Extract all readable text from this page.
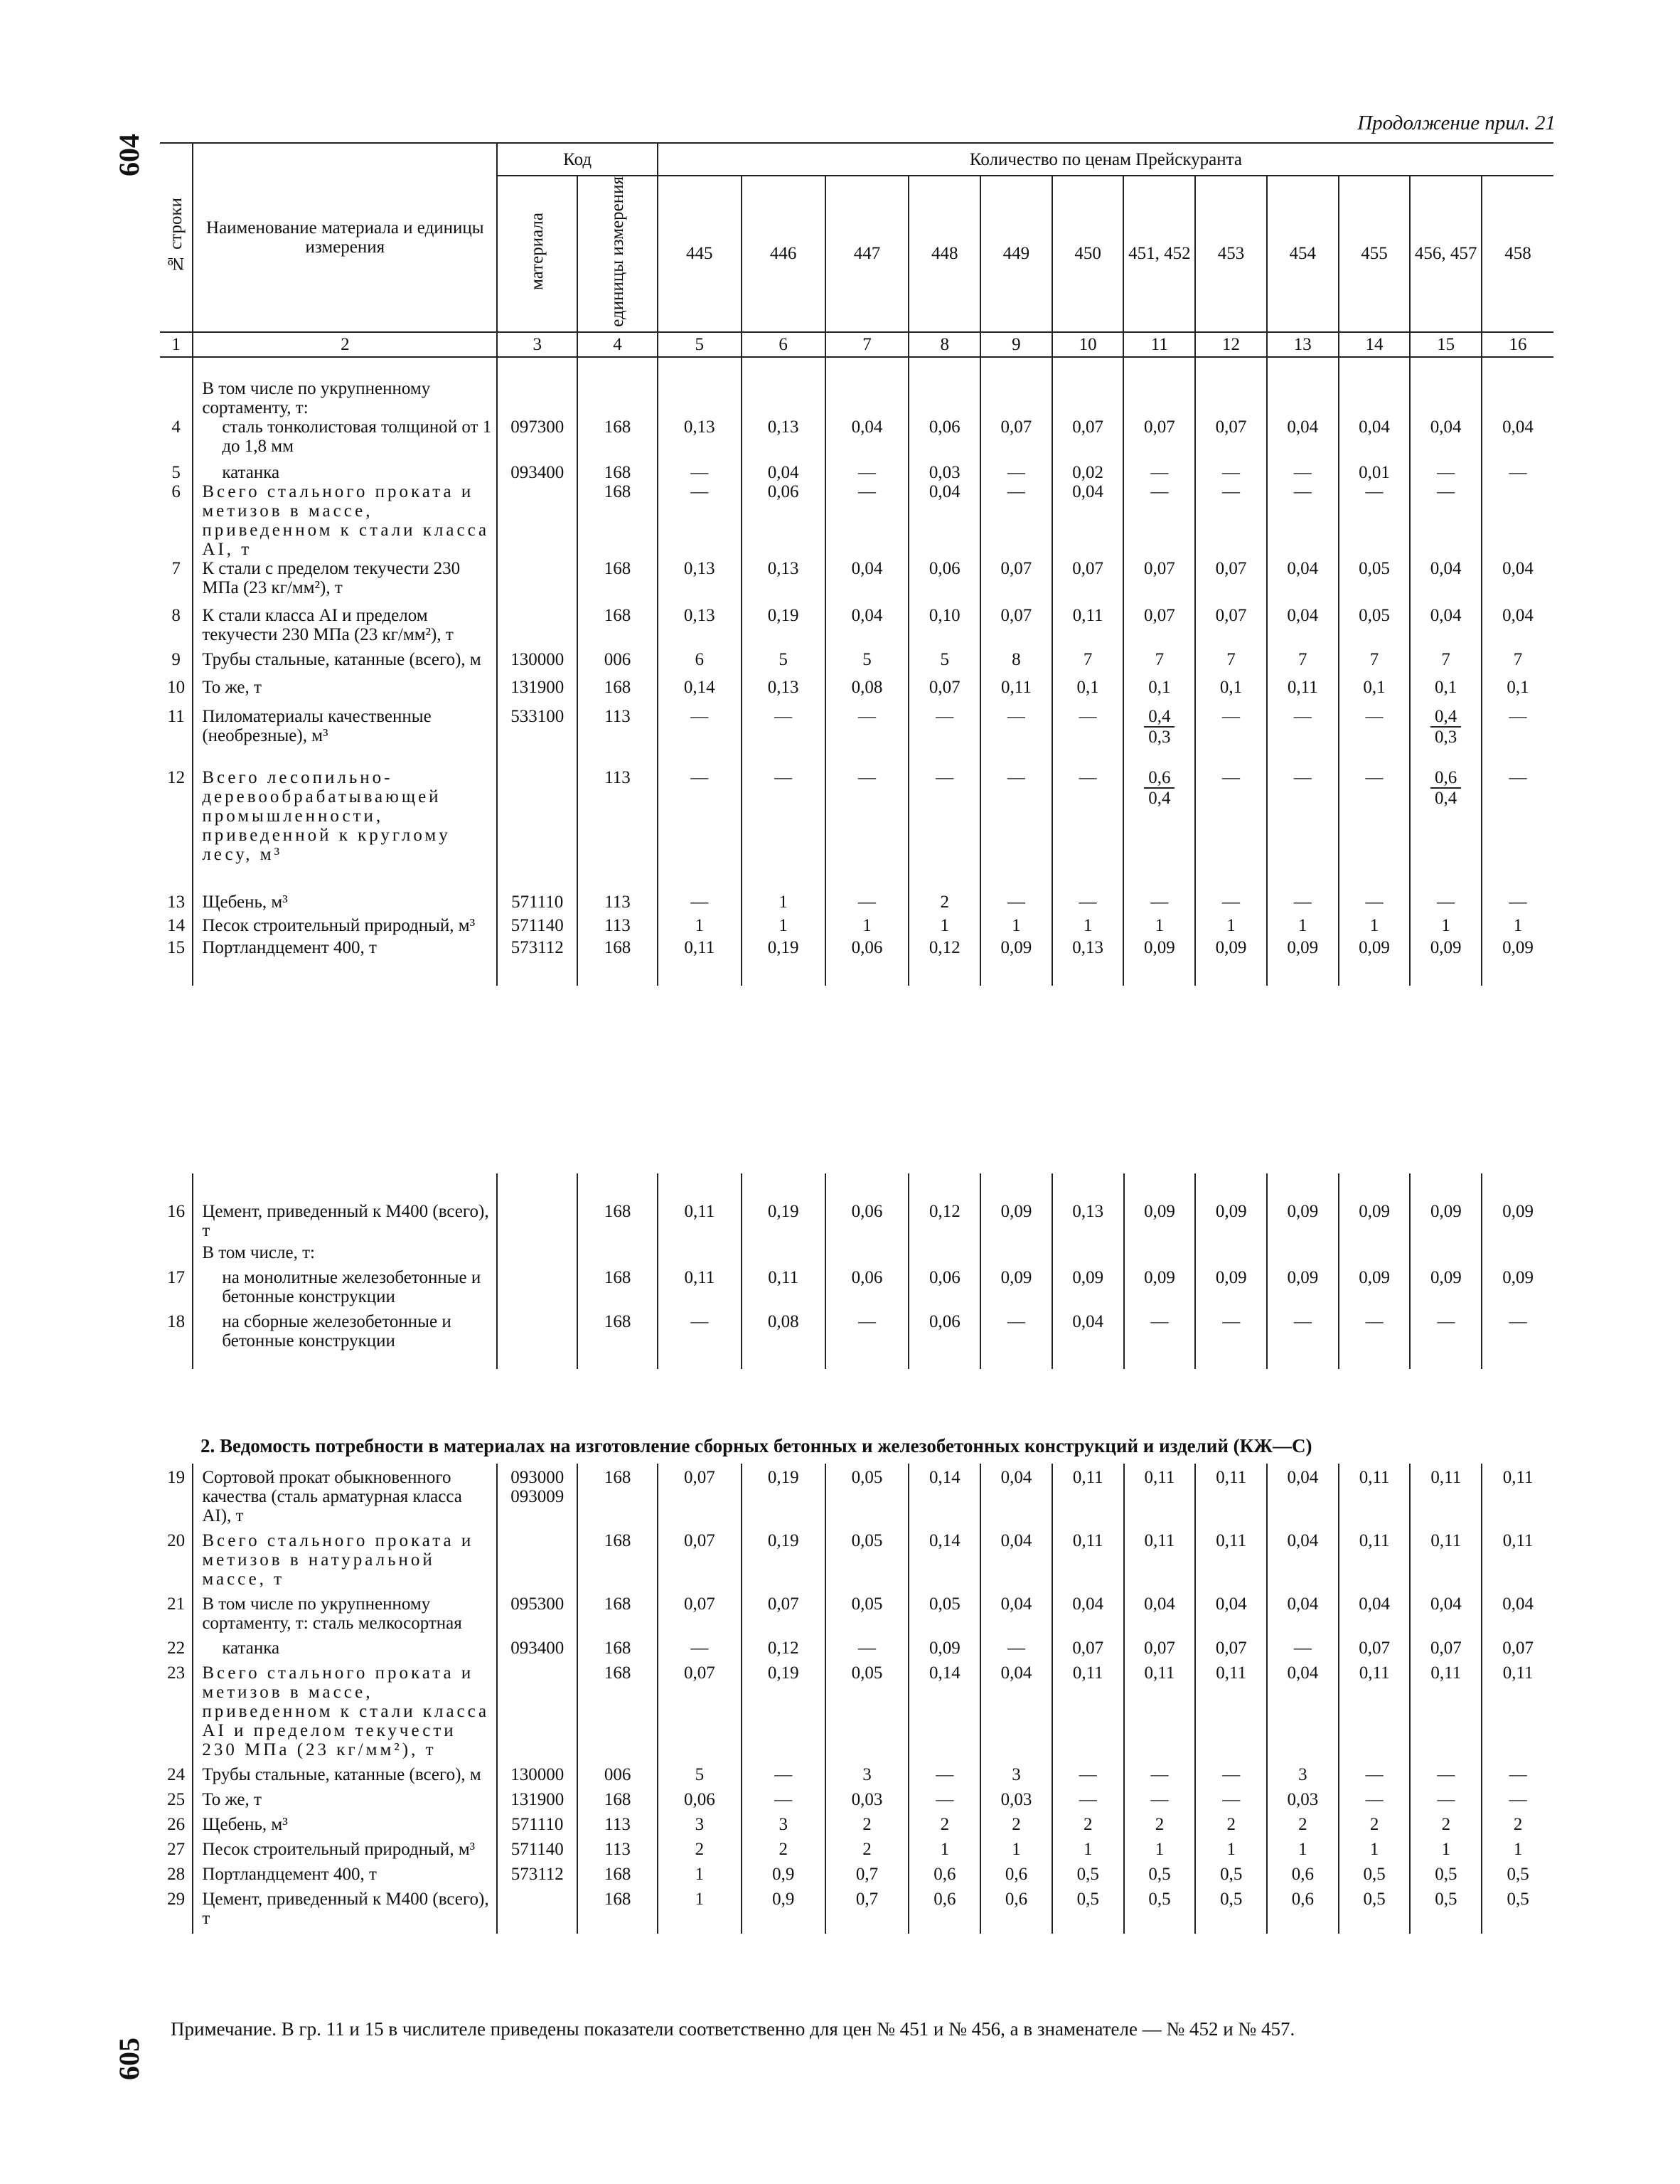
604
Продолжение прил. 21
№ строки	Наименование материала и единицы измерения	Код		Количество по ценам Прейскуранта											
		материала	единицы измерения	445	446	447	448	449	450	451, 452	453	454	455	456, 457	458
1	2	3	4	5	6	7	8	9	10	11	12	13	14	15	16
	В том числе по укрупненному сортаменту, т:														
4	сталь тонколистовая толщиной от 1 до 1,8 мм	097300	168	0,13	0,13	0,04	0,06	0,07	0,07	0,07	0,07	0,04	0,04	0,04	0,04
5	катанка	093400	168	—	0,04	—	0,03	—	0,02	—	—	—	0,01	—	—
6	Всего стального проката и метизов в массе, приведенном к стали класса AI, т		168	—	0,06	—	0,04	—	0,04	—	—	—	—	—	
7	К стали с пределом текучести 230 МПа (23 кг/мм²), т		168	0,13	0,13	0,04	0,06	0,07	0,07	0,07	0,07	0,04	0,05	0,04	0,04
8	К стали класса AI и пределом текучести 230 МПа (23 кг/мм²), т		168	0,13	0,19	0,04	0,10	0,07	0,11	0,07	0,07	0,04	0,05	0,04	0,04
9	Трубы стальные, катанные (всего), м	130000	006	6	5	5	5	8	7	7	7	7	7	7	7
10	То же, т	131900	168	0,14	0,13	0,08	0,07	0,11	0,1	0,1	0,1	0,11	0,1	0,1	0,1
11	Пиломатериалы качественные (необрезные), м³	533100	113	—	—	—	—	—	—	$\frac{0,4}{0,3}$	—	—	—	$\frac{0,4}{0,3}$	—
12	Всего лесопильно-деревообрабатывающей промышленности, приведенной к круглому лесу, м³		113	—	—	—	—	—	—	$\frac{0,6}{0,4}$	—	—	—	$\frac{0,6}{0,4}$	—
13	Щебень, м³	571110	113	—	1	—	2	—	—	—	—	—	—	—	—
14	Песок строительный природный, м³	571140	113	1	1	1	1	1	1	1	1	1	1	1	1
15	Портландцемент 400, т	573112	168	0,11	0,19	0,06	0,12	0,09	0,13	0,09	0,09	0,09	0,09	0,09	0,09
16	Цемент, приведенный к М400 (всего), т		168	0,11	0,19	0,06	0,12	0,09	0,13	0,09	0,09	0,09	0,09	0,09	0,09
	В том числе, т:														
17	на монолитные железобетонные и бетонные конструкции		168	0,11	0,11	0,06	0,06	0,09	0,09	0,09	0,09	0,09	0,09	0,09	0,09
18	на сборные железобетонные и бетонные конструкции		168	—	0,08	—	0,06	—	0,04	—	—	—	—	—	—
2. Ведомость потребности в материалах на изготовление сборных бетонных и железобетонных конструкций и изделий (КЖ—С)
19	Сортовой прокат обыкновенного качества (сталь арматурная класса AI), т	093000 093009	168	0,07	0,19	0,05	0,14	0,04	0,11	0,11	0,11	0,04	0,11	0,11	0,11
20	Всего стального проката и метизов в натуральной массе, т		168	0,07	0,19	0,05	0,14	0,04	0,11	0,11	0,11	0,04	0,11	0,11	0,11
21	В том числе по укрупненному сортаменту, т: сталь мелкосортная	095300	168	0,07	0,07	0,05	0,05	0,04	0,04	0,04	0,04	0,04	0,04	0,04	0,04
22	катанка	093400	168	—	0,12	—	0,09	—	0,07	0,07	0,07	—	0,07	0,07	0,07
23	Всего стального проката и метизов в массе, приведенном к стали класса AI и пределом текучести 230 МПа (23 кг/мм²), т		168	0,07	0,19	0,05	0,14	0,04	0,11	0,11	0,11	0,04	0,11	0,11	0,11
24	Трубы стальные, катанные (всего), м	130000	006	5	—	3	—	3	—	—	—	3	—	—	—
25	То же, т	131900	168	0,06	—	0,03	—	0,03	—	—	—	0,03	—	—	—
26	Щебень, м³	571110	113	3	3	2	2	2	2	2	2	2	2	2	2
27	Песок строительный природный, м³	571140	113	2	2	2	1	1	1	1	1	1	1	1	1
28	Портландцемент 400, т	573112	168	1	0,9	0,7	0,6	0,6	0,5	0,5	0,5	0,6	0,5	0,5	0,5
29	Цемент, приведенный к М400 (всего), т		168	1	0,9	0,7	0,6	0,6	0,5	0,5	0,5	0,6	0,5	0,5	0,5
Примечание. В гр. 11 и 15 в числителе приведены показатели соответственно для цен № 451 и № 456, а в знаменателе — № 452 и № 457.
605
